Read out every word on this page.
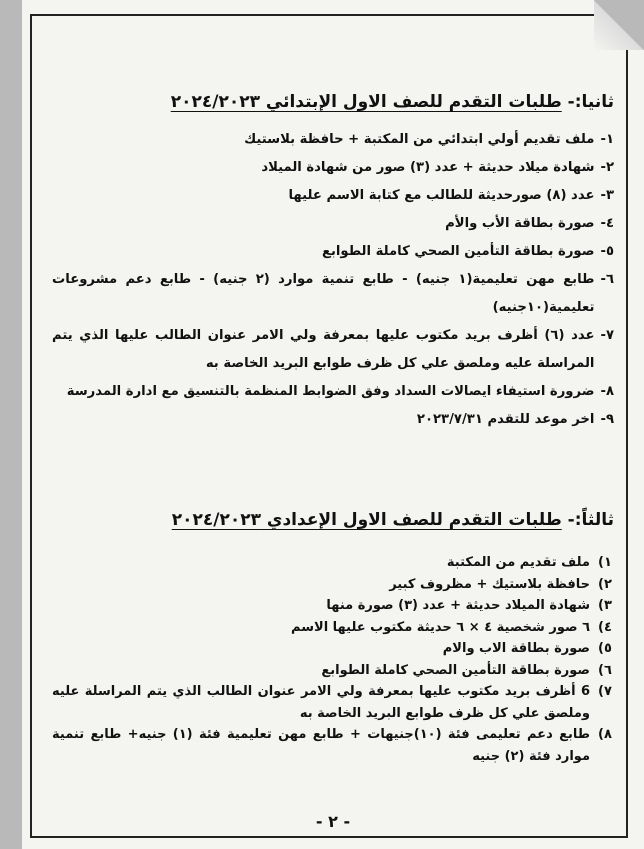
ثانيا:- طلبات التقدم للصف الاول الإبتدائي ٢٠٢٤/٢٠٢٣
١-
ملف تقديم أولي ابتدائي من المكتبة + حافظة بلاستيك
٢-
شهادة ميلاد حديثة + عدد (٣) صور من شهادة الميلاد
٣-
عدد (٨) صورحديثة للطالب مع كتابة الاسم عليها
٤-
صورة بطاقة الأب والأم
٥-
صورة بطاقة التأمين الصحي كاملة الطوابع
٦-
طابع مهن تعليمية(١ جنيه) - طابع تنمية موارد (٢ جنيه) - طابع دعم مشروعات تعليمية(١٠جنيه)
٧-
عدد (٦) أظرف بريد مكتوب عليها بمعرفة ولي الامر عنوان الطالب عليها الذي يتم المراسلة عليه وملصق علي كل ظرف طوابع البريد الخاصة به
٨-
ضرورة استيفاء ايصالات السداد وفق الضوابط المنظمة بالتنسيق مع ادارة المدرسة
٩-
اخر موعد للتقدم ٢٠٢٣/٧/٣١
ثالثاً:- طلبات التقدم للصف الاول الإعدادي ٢٠٢٤/٢٠٢٣
١)
ملف تقديم من المكتبة
٢)
حافظة بلاستيك + مظروف كبير
٣)
شهادة الميلاد حديثة + عدد (٣) صورة منها
٤)
٦ صور شخصية ٤ × ٦ حديثة مكتوب عليها الاسم
٥)
صورة بطاقة الاب والام
٦)
صورة بطاقة التأمين الصحي كاملة الطوابع
٧)
6 أظرف بريد مكتوب عليها بمعرفة ولي الامر عنوان الطالب الذي يتم المراسلة عليه وملصق علي كل ظرف طوابع البريد الخاصة به
٨)
طابع دعم تعليمى فئة (١٠)جنيهات + طابع مهن تعليمية فئة (١) جنيه+ طابع تنمية موارد فئة (٢) جنيه
- ٢ -
